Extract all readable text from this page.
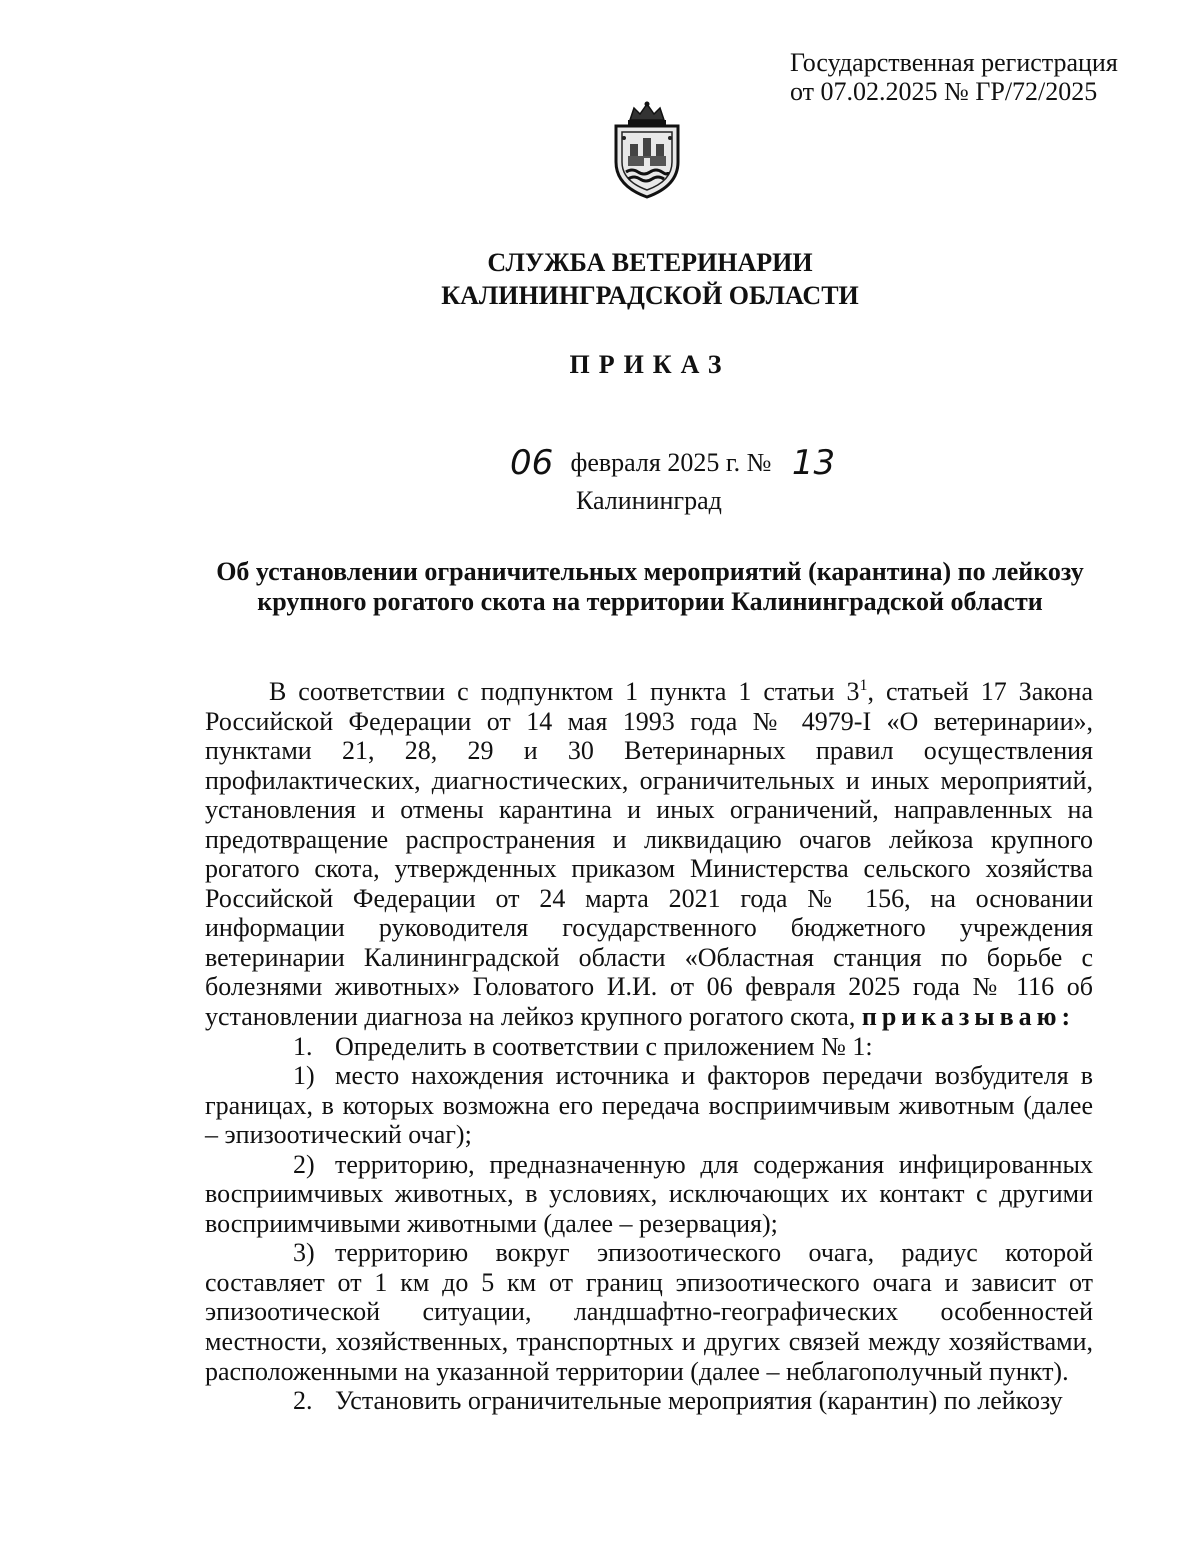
Государственная регистрация
от 07.02.2025 № ГР/72/2025
СЛУЖБА ВЕТЕРИНАРИИ
КАЛИНИНГРАДСКОЙ ОБЛАСТИ
ПРИКАЗ
06 февраля 2025 г. № 13
Калининград
Об установлении ограничительных мероприятий (карантина) по лейкозу
крупного рогатого скота на территории Калининградской области

В соответствии с подпунктом 1 пункта 1 статьи $3^1$, статьей 17 Закона Российской Федерации от 14 мая 1993 года № 4979-I «О ветеринарии», пунктами 21, 28, 29 и 30 Ветеринарных правил осуществления профилактических, диагностических, ограничительных и иных мероприятий, установления и отмены карантина и иных ограничений, направленных на предотвращение распространения и ликвидацию очагов лейкоза крупного рогатого скота, утвержденных приказом Министерства сельского хозяйства Российской Федерации от 24 марта 2021 года № 156, на основании информации руководителя государственного бюджетного учреждения ветеринарии Калининградской области «Областная станция по борьбе с болезнями животных» Головатого И.И. от 06 февраля 2025 года № 116 об установлении диагноза на лейкоз крупного рогатого скота, приказываю:

1. Определить в соответствии с приложением № 1:

1) место нахождения источника и факторов передачи возбудителя в границах, в которых возможна его передача восприимчивым животным (далее – эпизоотический очаг);

2) территорию, предназначенную для содержания инфицированных восприимчивых животных, в условиях, исключающих их контакт с другими восприимчивыми животными (далее – резервация);

3) территорию вокруг эпизоотического очага, радиус которой составляет от 1 км до 5 км от границ эпизоотического очага и зависит от эпизоотической ситуации, ландшафтно-географических особенностей местности, хозяйственных, транспортных и других связей между хозяйствами, расположенными на указанной территории (далее – неблагополучный пункт).

2. Установить ограничительные мероприятия (карантин) по лейкозу
